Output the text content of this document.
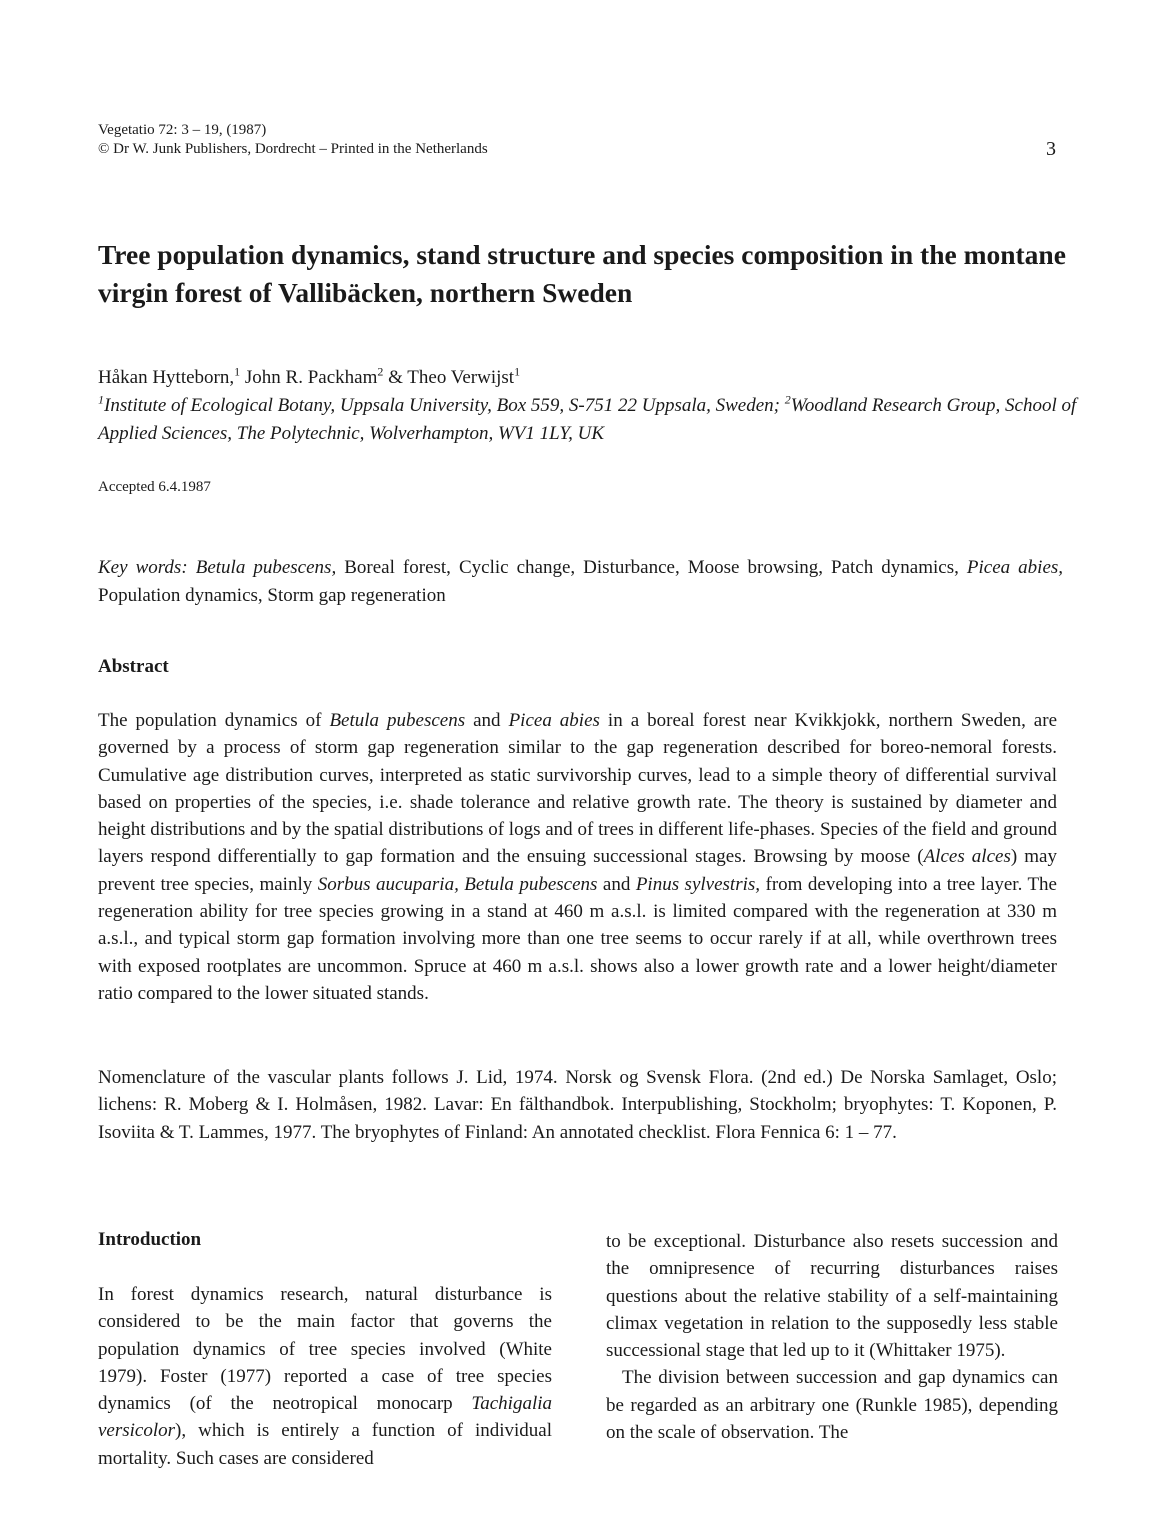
Vegetatio 72: 3 – 19, (1987)
© Dr W. Junk Publishers, Dordrecht – Printed in the Netherlands	3
Tree population dynamics, stand structure and species composition in the montane virgin forest of Vallibäcken, northern Sweden
Håkan Hytteborn,$^1$ John R. Packham$^2$ & Theo Verwijst$^1$
$^1$Institute of Ecological Botany, Uppsala University, Box 559, S-751 22 Uppsala, Sweden; $^2$Woodland Research Group, School of Applied Sciences, The Polytechnic, Wolverhampton, WV1 1LY, UK
Accepted 6.4.1987
Key words: Betula pubescens, Boreal forest, Cyclic change, Disturbance, Moose browsing, Patch dynamics, Picea abies, Population dynamics, Storm gap regeneration
Abstract

The population dynamics of Betula pubescens and Picea abies in a boreal forest near Kvikkjokk, northern Sweden, are governed by a process of storm gap regeneration similar to the gap regeneration described for boreo-nemoral forests. Cumulative age distribution curves, interpreted as static survivorship curves, lead to a simple theory of differential survival based on properties of the species, i.e. shade tolerance and relative growth rate. The theory is sustained by diameter and height distributions and by the spatial distributions of logs and of trees in different life-phases. Species of the field and ground layers respond differentially to gap formation and the ensuing successional stages. Browsing by moose (Alces alces) may prevent tree species, mainly Sorbus aucuparia, Betula pubescens and Pinus sylvestris, from developing into a tree layer. The regeneration ability for tree species growing in a stand at 460 m a.s.l. is limited compared with the regeneration at 330 m a.s.l., and typical storm gap formation involving more than one tree seems to occur rarely if at all, while overthrown trees with exposed rootplates are uncommon. Spruce at 460 m a.s.l. shows also a lower growth rate and a lower height/diameter ratio compared to the lower situated stands.

Nomenclature of the vascular plants follows J. Lid, 1974. Norsk og Svensk Flora. (2nd ed.) De Norska Samlaget, Oslo; lichens: R. Moberg & I. Holmåsen, 1982. Lavar: En fälthandbok. Interpublishing, Stockholm; bryophytes: T. Koponen, P. Isoviita & T. Lammes, 1977. The bryophytes of Finland: An annotated checklist. Flora Fennica 6: 1 – 77.

Introduction

In forest dynamics research, natural disturbance is considered to be the main factor that governs the population dynamics of tree species involved (White 1979). Foster (1977) reported a case of tree species dynamics (of the neotropical monocarp Tachigalia versicolor), which is entirely a function of individual mortality. Such cases are considered

to be exceptional. Disturbance also resets succession and the omnipresence of recurring disturbances raises questions about the relative stability of a self-maintaining climax vegetation in relation to the supposedly less stable successional stage that led up to it (Whittaker 1975).

The division between succession and gap dynamics can be regarded as an arbitrary one (Runkle 1985), depending on the scale of observation. The
